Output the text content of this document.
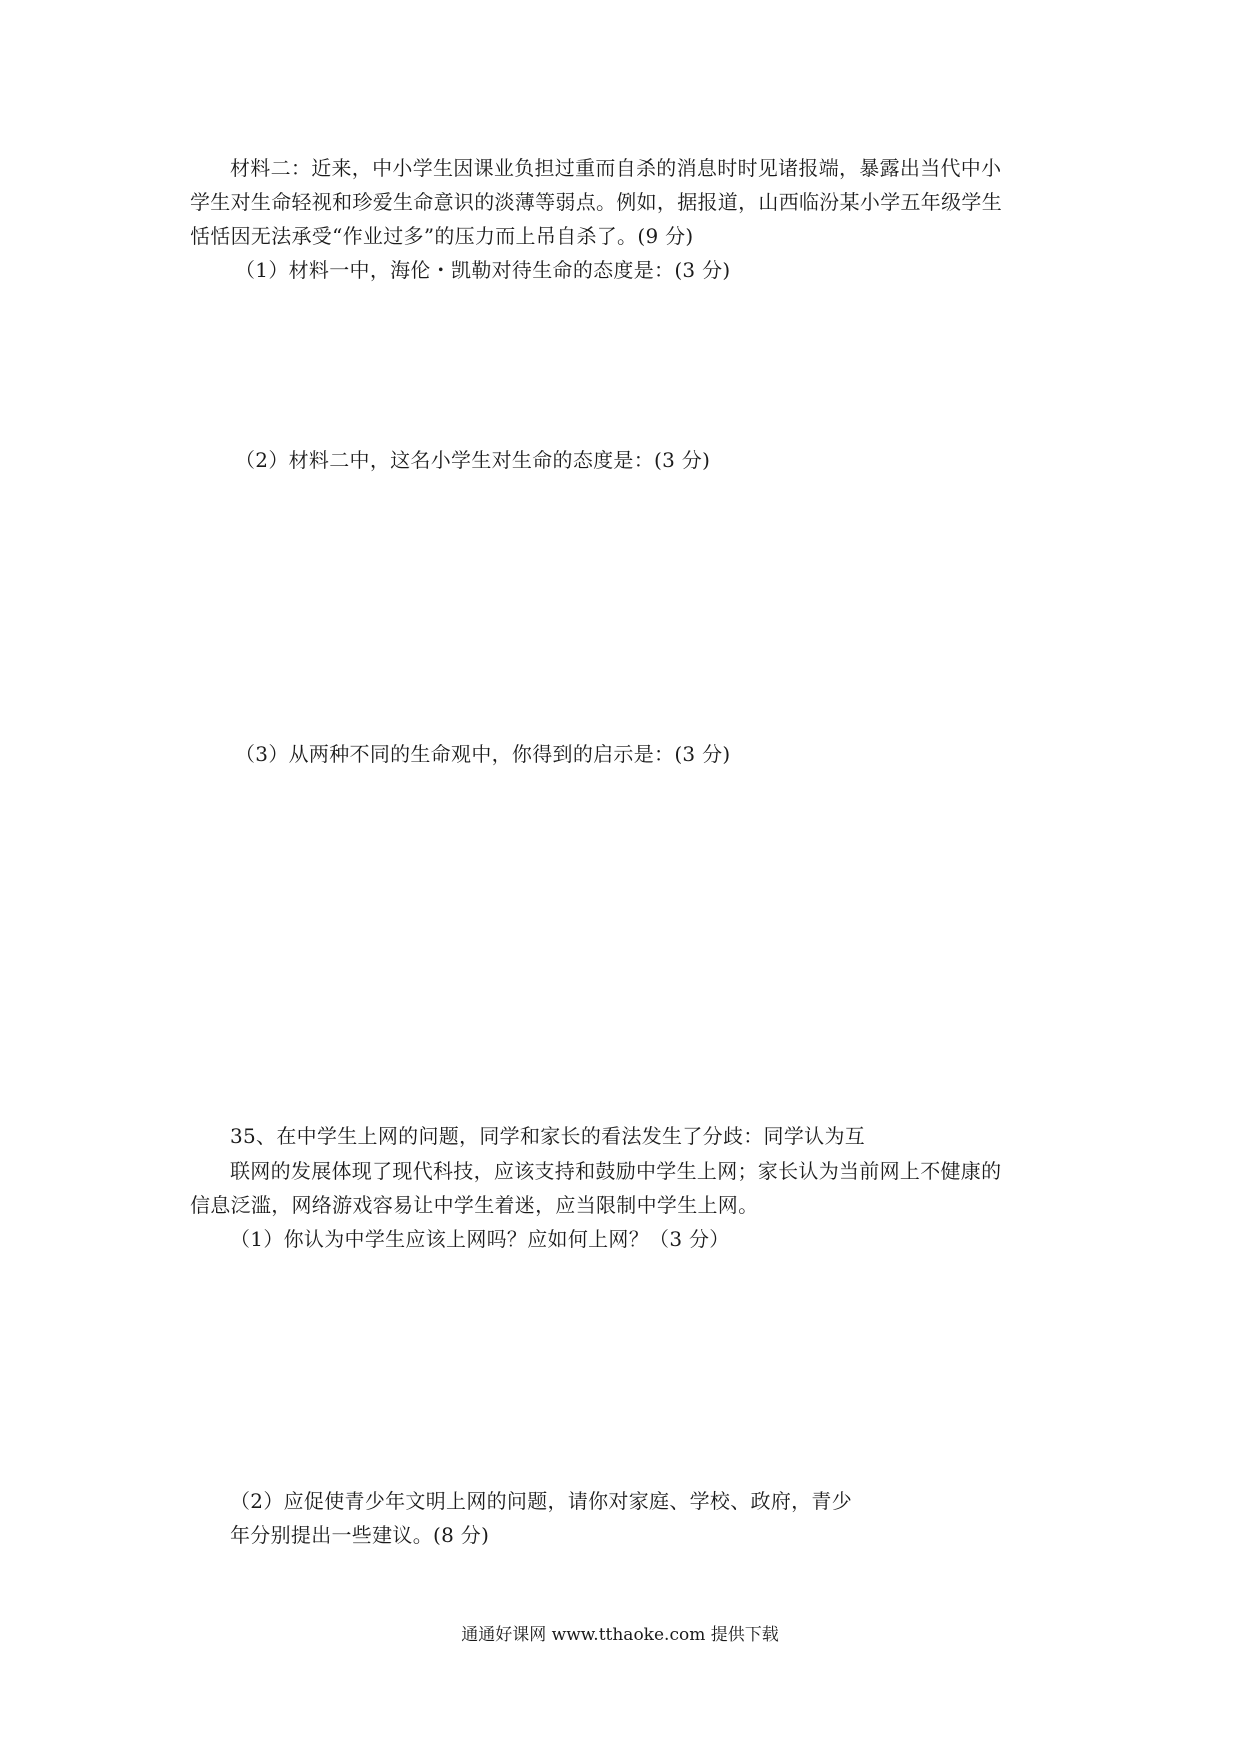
材料二：近来，中小学生因课业负担过重而自杀的消息时时见诸报端，暴露出当代中小
学生对生命轻视和珍爱生命意识的淡薄等弱点。例如，据报道，山西临汾某小学五年级学生
恬恬因无法承受“作业过多”的压力而上吊自杀了。(9 分)
（1）材料一中，海伦・凯勒对待生命的态度是：(3 分)
（2）材料二中，这名小学生对生命的态度是：(3 分)
（3）从两种不同的生命观中，你得到的启示是：(3 分)
35、在中学生上网的问题，同学和家长的看法发生了分歧：同学认为互
联网的发展体现了现代科技，应该支持和鼓励中学生上网；家长认为当前网上不健康的
信息泛滥，网络游戏容易让中学生着迷，应当限制中学生上网。
（1）你认为中学生应该上网吗？应如何上网？（3 分）
（2）应促使青少年文明上网的问题，请你对家庭、学校、政府，青少
年分别提出一些建议。(8 分)
通通好课网 www.tthaoke.com 提供下载
